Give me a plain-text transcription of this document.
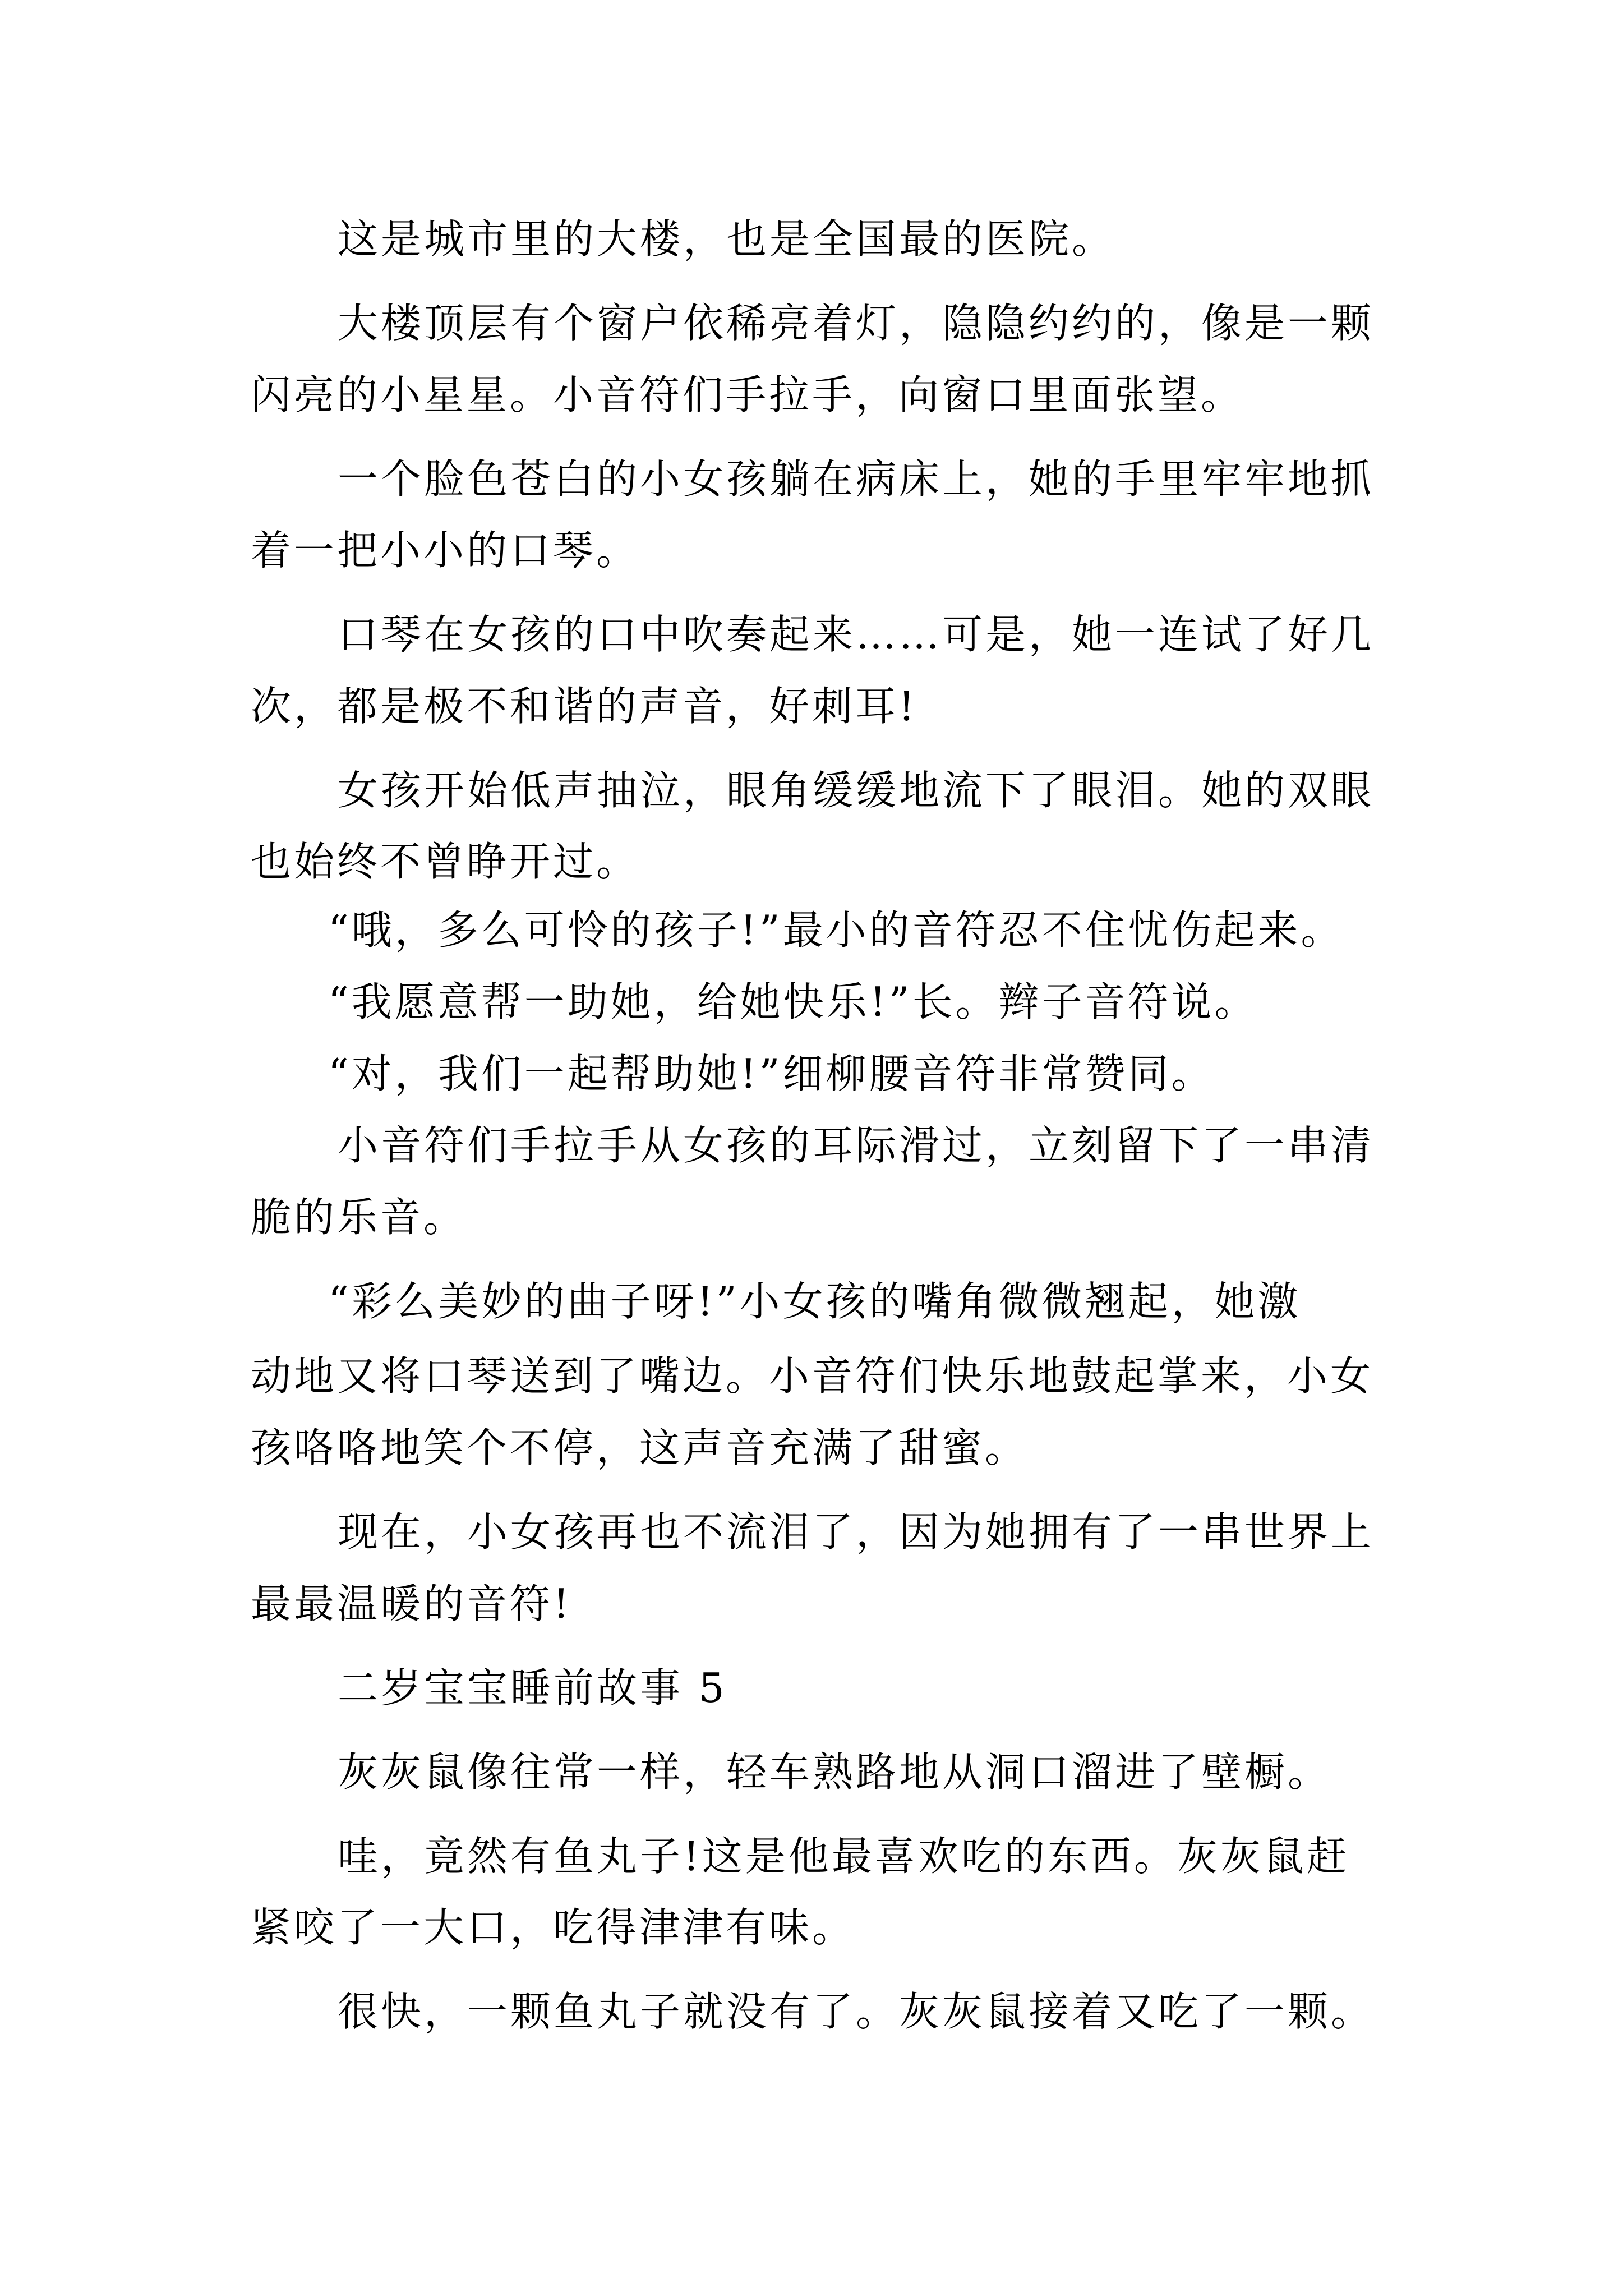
这是城市里的大楼，也是全国最的医院。
大楼顶层有个窗户依稀亮着灯，隐隐约约的，像是一颗
闪亮的小星星。小音符们手拉手，向窗口里面张望。
一个脸色苍白的小女孩躺在病床上，她的手里牢牢地抓
着一把小小的口琴。
口琴在女孩的口中吹奏起来……可是，她一连试了好几
次，都是极不和谐的声音，好刺耳!
女孩开始低声抽泣，眼角缓缓地流下了眼泪。她的双眼
也始终不曾睁开过。
“哦，多么可怜的孩子!”最小的音符忍不住忧伤起来。
“我愿意帮一助她，给她快乐!”长。辫子音符说。
“对，我们一起帮助她!”细柳腰音符非常赞同。
小音符们手拉手从女孩的耳际滑过，立刻留下了一串清
脆的乐音。
“彩么美妙的曲子呀!”小女孩的嘴角微微翘起，她激
动地又将口琴送到了嘴边。小音符们快乐地鼓起掌来，小女
孩咯咯地笑个不停，这声音充满了甜蜜。
现在，小女孩再也不流泪了，因为她拥有了一串世界上
最最温暖的音符!
二岁宝宝睡前故事 5
灰灰鼠像往常一样，轻车熟路地从洞口溜进了壁橱。
哇，竟然有鱼丸子!这是他最喜欢吃的东西。灰灰鼠赶
紧咬了一大口，吃得津津有味。
很快，一颗鱼丸子就没有了。灰灰鼠接着又吃了一颗。
